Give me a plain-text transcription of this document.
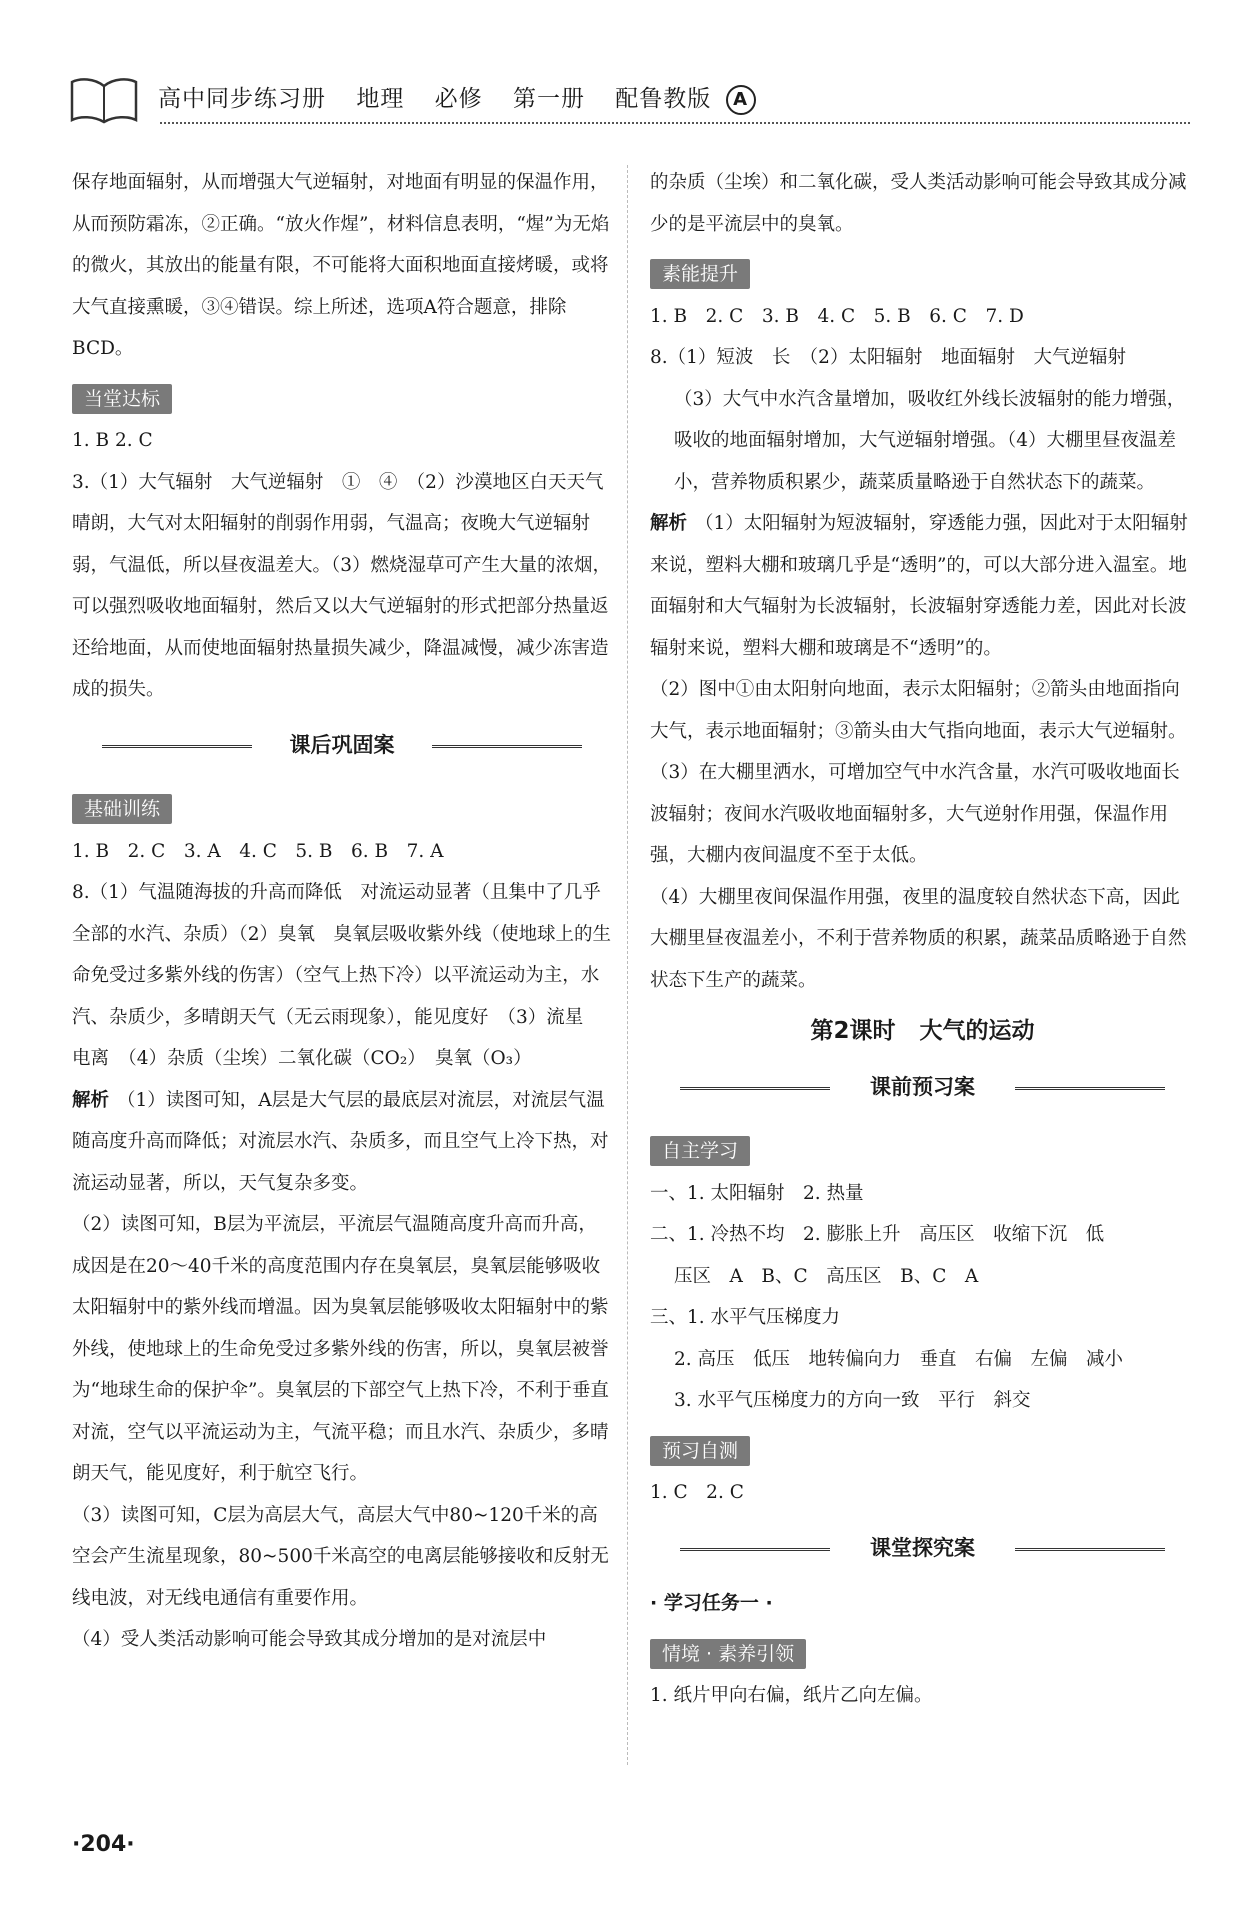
高中同步练习册 地理 必修 第一册 配鲁教版 A

保存地面辐射，从而增强大气逆辐射，对地面有明显的保温作用，从而预防霜冻，②正确。“放火作煋”，材料信息表明，“煋”为无焰的微火，其放出的能量有限，不可能将大面积地面直接烤暖，或将大气直接熏暖，③④错误。综上所述，选项A符合题意，排除BCD。

当堂达标

1. B 2. C

3.（1）大气辐射　大气逆辐射　①　④　（2）沙漠地区白天天气晴朗，大气对太阳辐射的削弱作用弱，气温高；夜晚大气逆辐射弱，气温低，所以昼夜温差大。（3）燃烧湿草可产生大量的浓烟，可以强烈吸收地面辐射，然后又以大气逆辐射的形式把部分热量返还给地面，从而使地面辐射热量损失减少，降温减慢，减少冻害造成的损失。

课后巩固案
基础训练

1. B　2. C　3. A　4. C　5. B　6. B　7. A

8.（1）气温随海拔的升高而降低　对流运动显著（且集中了几乎全部的水汽、杂质）（2）臭氧　臭氧层吸收紫外线（使地球上的生命免受过多紫外线的伤害）（空气上热下冷）以平流运动为主，水汽、杂质少，多晴朗天气（无云雨现象），能见度好　（3）流星　电离　（4）杂质（尘埃）二氧化碳（CO₂）　臭氧（O₃）

解析 （1）读图可知，A层是大气层的最底层对流层，对流层气温随高度升高而降低；对流层水汽、杂质多，而且空气上冷下热，对流运动显著，所以，天气复杂多变。

（2）读图可知，B层为平流层，平流层气温随高度升高而升高，成因是在20～40千米的高度范围内存在臭氧层，臭氧层能够吸收太阳辐射中的紫外线而增温。因为臭氧层能够吸收太阳辐射中的紫外线，使地球上的生命免受过多紫外线的伤害，所以，臭氧层被誉为“地球生命的保护伞”。臭氧层的下部空气上热下冷，不利于垂直对流，空气以平流运动为主，气流平稳；而且水汽、杂质少，多晴朗天气，能见度好，利于航空飞行。

（3）读图可知，C层为高层大气，高层大气中80~120千米的高空会产生流星现象，80~500千米高空的电离层能够接收和反射无线电波，对无线电通信有重要作用。

（4）受人类活动影响可能会导致其成分增加的是对流层中

的杂质（尘埃）和二氧化碳，受人类活动影响可能会导致其成分减少的是平流层中的臭氧。

素能提升

1. B　2. C　3. B　4. C　5. B　6. C　7. D

8.（1）短波　长　（2）太阳辐射　地面辐射　大气逆辐射

（3）大气中水汽含量增加，吸收红外线长波辐射的能力增强，吸收的地面辐射增加，大气逆辐射增强。（4）大棚里昼夜温差小，营养物质积累少，蔬菜质量略逊于自然状态下的蔬菜。

解析 （1）太阳辐射为短波辐射，穿透能力强，因此对于太阳辐射来说，塑料大棚和玻璃几乎是“透明”的，可以大部分进入温室。地面辐射和大气辐射为长波辐射，长波辐射穿透能力差，因此对长波辐射来说，塑料大棚和玻璃是不“透明”的。

（2）图中①由太阳射向地面，表示太阳辐射；②箭头由地面指向大气，表示地面辐射；③箭头由大气指向地面，表示大气逆辐射。

（3）在大棚里洒水，可增加空气中水汽含量，水汽可吸收地面长波辐射；夜间水汽吸收地面辐射多，大气逆射作用强，保温作用强，大棚内夜间温度不至于太低。

（4）大棚里夜间保温作用强，夜里的温度较自然状态下高，因此大棚里昼夜温差小，不利于营养物质的积累，蔬菜品质略逊于自然状态下生产的蔬菜。

第2课时 大气的运动
课前预习案
自主学习

一、1. 太阳辐射　2. 热量

二、1. 冷热不均　2. 膨胀上升　高压区　收缩下沉　低

压区　A　B、C　高压区　B、C　A

三、1. 水平气压梯度力

2. 高压　低压　地转偏向力　垂直　右偏　左偏　减小

3. 水平气压梯度力的方向一致　平行　斜交

预习自测

1. C　2. C

课堂探究案
· 学习任务一 ·
情境 · 素养引领

1. 纸片甲向右偏，纸片乙向左偏。

·204·
